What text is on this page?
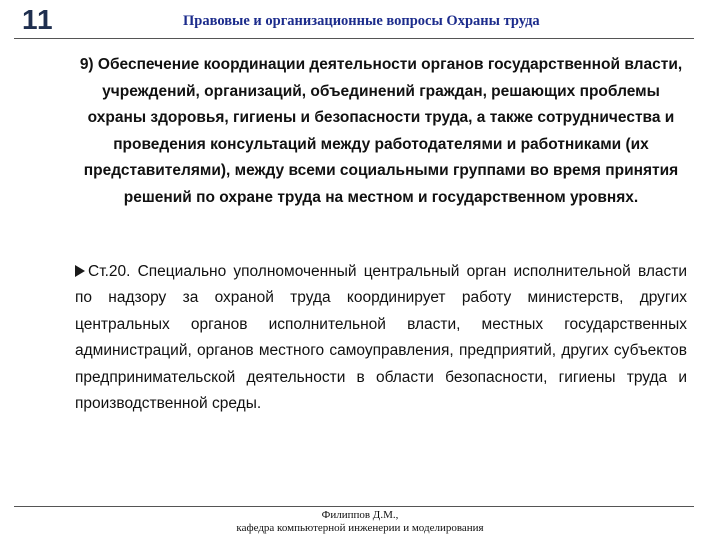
11	Правовые и организационные вопросы Охраны труда
9) Обеспечение координации деятельности органов государственной власти, учреждений, организаций, объединений граждан, решающих проблемы охраны здоровья, гигиены и безопасности труда, а также сотрудничества и проведения консультаций между работодателями и работниками (их представителями), между всеми социальными группами во время принятия решений по охране труда на местном и государственном уровнях.
Ст.20. Специально уполномоченный центральный орган исполнительной власти по надзору за охраной труда координирует работу министерств, других центральных органов исполнительной власти, местных государственных администраций, органов местного самоуправления, предприятий, других субъектов предпринимательской деятельности в области безопасности, гигиены труда и производственной среды.
Филиппов Д.М.,
кафедра компьютерной инженерии и моделирования
